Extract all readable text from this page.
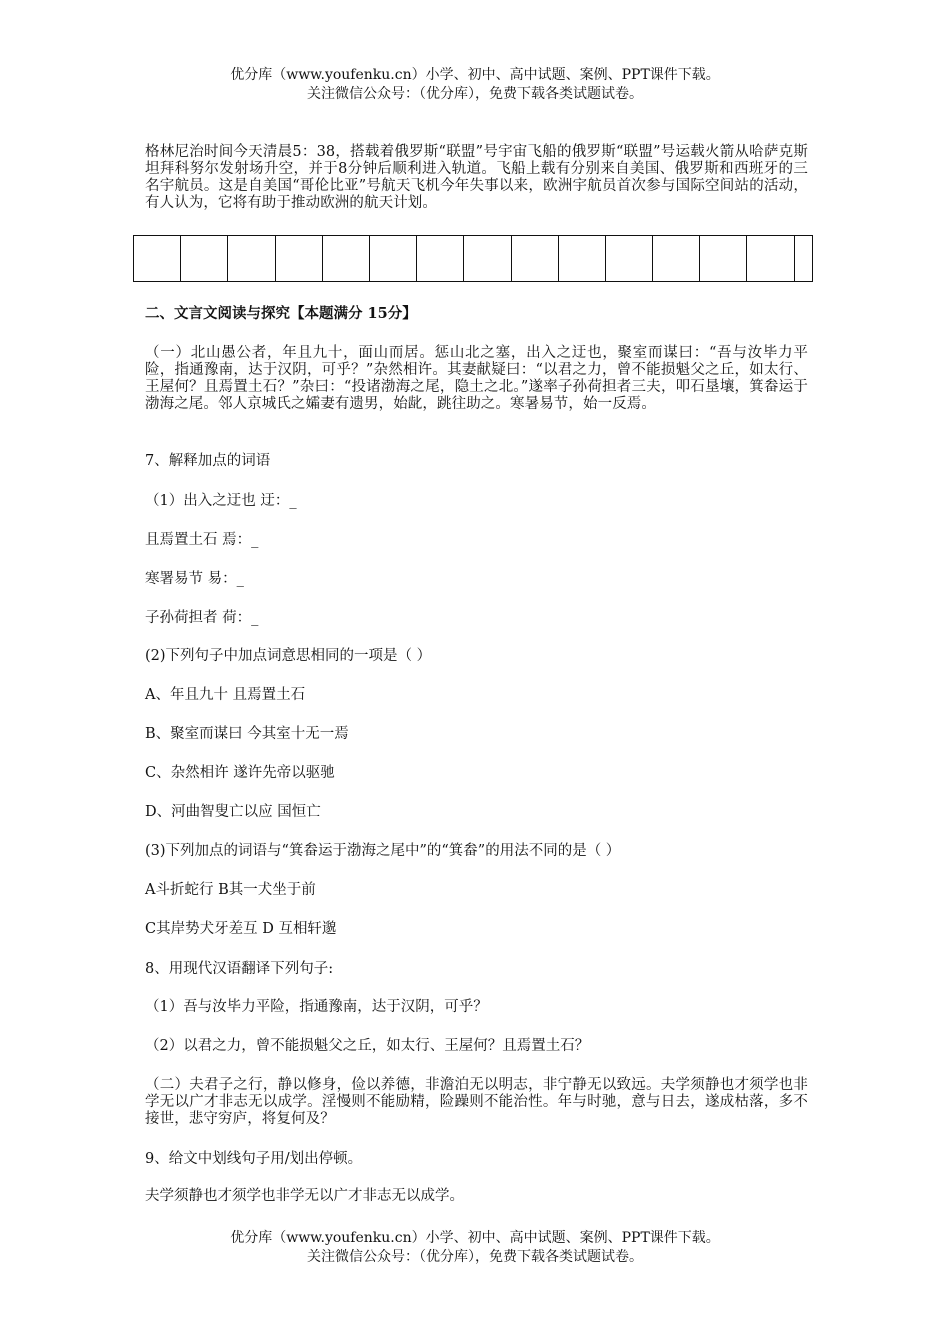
优分库（www.youfenku.cn）小学、初中、高中试题、案例、PPT课件下载。
关注微信公众号：（优分库），免费下载各类试题试卷。
格林尼治时间今天清晨5：38，搭载着俄罗斯“联盟”号宇宙飞船的俄罗斯“联盟”号运载火箭从哈萨克斯坦拜科努尔发射场升空，并于8分钟后顺利进入轨道。飞船上载有分别来自美国、俄罗斯和西班牙的三名宇航员。这是自美国“哥伦比亚”号航天飞机今年失事以来，欧洲宇航员首次参与国际空间站的活动，有人认为，它将有助于推动欧洲的航天计划。
二、文言文阅读与探究【本题满分 15分】
（一）北山愚公者，年且九十，面山而居。惩山北之塞，出入之迂也，聚室而谋曰：“吾与汝毕力平险，指通豫南，达于汉阴，可乎？”杂然相许。其妻献疑曰：“以君之力，曾不能损魁父之丘，如太行、王屋何？且焉置土石？”杂曰：“投诸渤海之尾，隐土之北。”遂率子孙荷担者三夫，叩石垦壤，箕畚运于渤海之尾。邻人京城氏之孀妻有遗男，始龀，跳往助之。寒暑易节，始一反焉。
7、解释加点的词语
（1）出入之迂也 迂：_
且焉置土石 焉：_
寒署易节 易：_
子孙荷担者 荷：_
(2)下列句子中加点词意思相同的一项是（ ）
A、年且九十 且焉置土石
B、聚室而谋曰 今其室十无一焉
C、杂然相许 遂许先帝以驱驰
D、河曲智叟亡以应 国恒亡
(3)下列加点的词语与“箕畚运于渤海之尾中”的“箕畚”的用法不同的是（ ）
A斗折蛇行 B其一犬坐于前
C其岸势犬牙差互 D 互相轩邈
8、用现代汉语翻译下列句子:
（1）吾与汝毕力平险，指通豫南，达于汉阴，可乎？
（2）以君之力，曾不能损魁父之丘，如太行、王屋何？且焉置土石？
（二）夫君子之行，静以修身，俭以养德，非澹泊无以明志，非宁静无以致远。夫学须静也才须学也非学无以广才非志无以成学。淫慢则不能励精，险躁则不能治性。年与时驰，意与日去，遂成枯落，多不接世，悲守穷庐，将复何及？
9、给文中划线句子用/划出停顿。
夫学须静也才须学也非学无以广才非志无以成学。
优分库（www.youfenku.cn）小学、初中、高中试题、案例、PPT课件下载。
关注微信公众号：（优分库），免费下载各类试题试卷。
